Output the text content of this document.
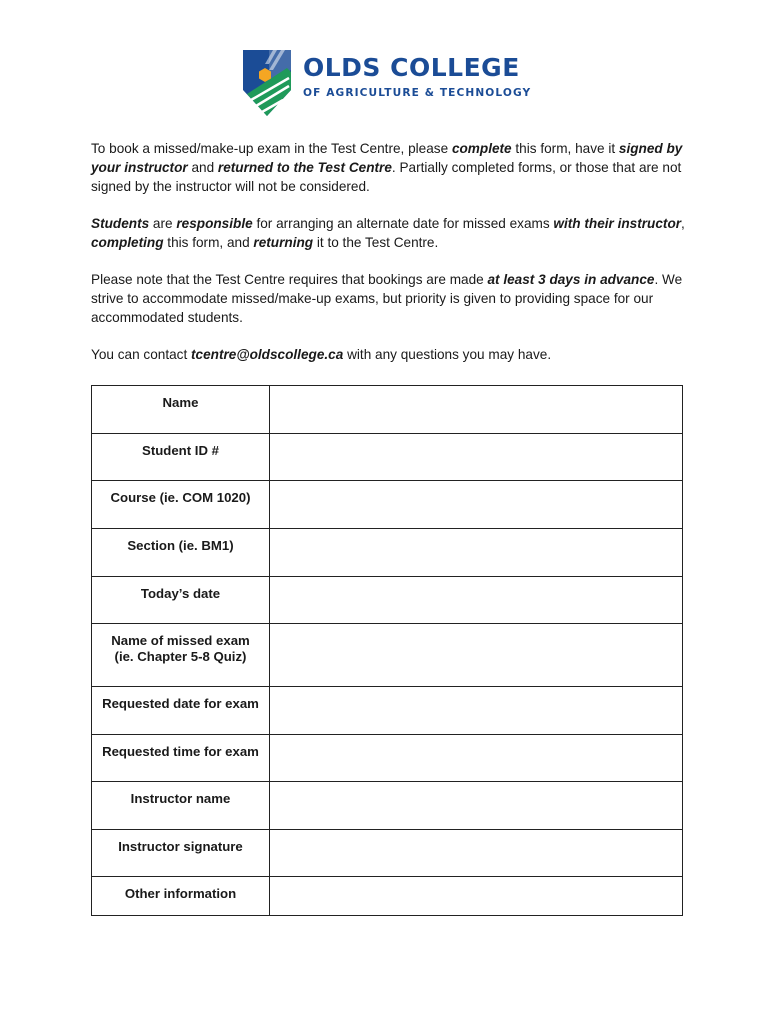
OLDS COLLEGE
OF AGRICULTURE & TECHNOLOGY

To book a missed/make-up exam in the Test Centre, please complete this form, have it signed by your instructor and returned to the Test Centre. Partially completed forms, or those that are not signed by the instructor will not be considered.

Students are responsible for arranging an alternate date for missed exams with their instructor, completing this form, and returning it to the Test Centre.

Please note that the Test Centre requires that bookings are made at least 3 days in advance. We strive to accommodate missed/make-up exams, but priority is given to providing space for our accommodated students.

You can contact tcentre@oldscollege.ca with any questions you may have.

Name	
Student ID #	
Course (ie. COM 1020)	
Section (ie. BM1)	
Today’s date	
Name of missed exam
(ie. Chapter 5-8 Quiz)	
Requested date for exam	
Requested time for exam	
Instructor name	
Instructor signature	
Other information	
